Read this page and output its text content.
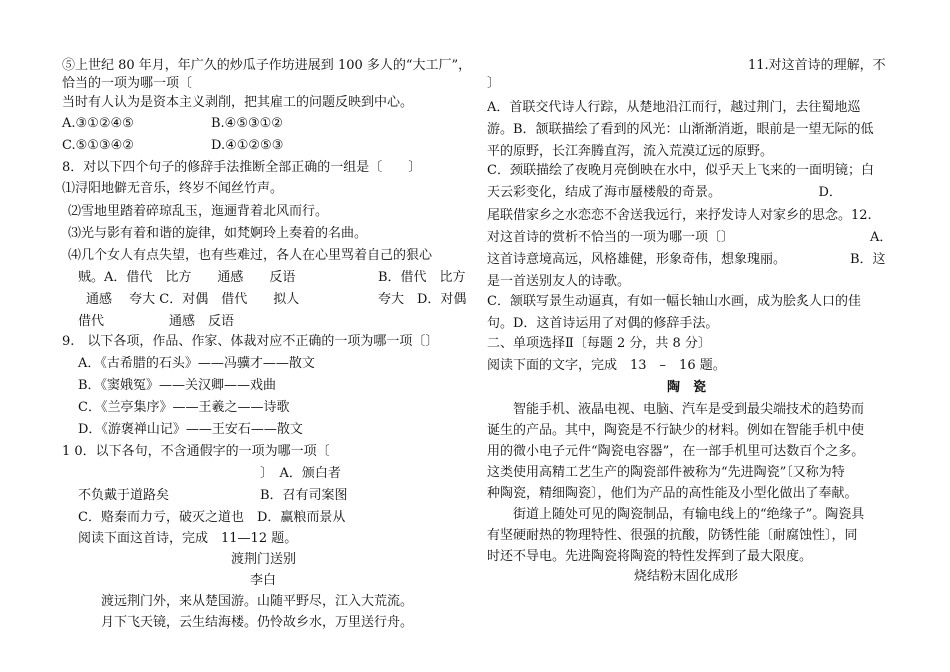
⑤上世纪 80 年月，年广久的炒瓜子作坊进展到 100 多人的“大工厂”，
恰当的一项为哪一项〔
当时有人认为是资本主义剥削，把其雇工的问题反映到中心。
A.③①②④⑤	B.④⑤③①②
C.⑤①③④②	D.④①②⑤③
8．对以下四个句子的修辞手法推断全部正确的一组是〔　　〕
⑴浔阳地僻无音乐，终岁不闻丝竹声。
⑵雪地里踏着碎琼乱玉，迤逦背着北风而行。
⑶光与影有着和谐的旋律，如梵婀玲上奏着的名曲。
⑷几个女人有点失望，也有些难过，各人在心里骂着自己的狠心
贼。A．借代　比方　　通感　　反语	B．借代　比方
通感　 夸大 C．对偶　借代　　拟人	夸大　D．对偶
借代　　　　　通感　反语
9.　以下各项，作品、作家、体裁对应不正确的一项为哪一项〔〕
A．《古希腊的石头》——冯骥才——散文
B．《窦娥冤》——关汉卿——戏曲
C．《兰亭集序》——王羲之——诗歌
D．《游褒禅山记》——王安石——散文
1 0．以下各句，不含通假字的一项为哪一项〔
〕　A．颁白者
不负戴于道路矣	B．召有司案图
C．赂秦而力亏，破灭之道也　D．赢粮而景从
阅读下面这首诗，完成　11—12 题。
渡荆门送别
李白
渡远荆门外，来从楚国游。山随平野尽，江入大荒流。
月下飞天镜，云生结海楼。仍怜故乡水，万里送行舟。
11.对这首诗的理解，不
〕
A．首联交代诗人行踪，从楚地沿江而行，越过荆门，去往蜀地巡
游。B．颔联描绘了看到的风光：山渐渐消逝，眼前是一望无际的低
平的原野，长江奔腾直泻，流入荒漠辽远的原野。
C．颈联描绘了夜晚月亮倒映在水中，似乎天上飞来的一面明镜；白
天云彩变化，结成了海市蜃楼般的奇景。　　　　　　　　D．
尾联借家乡之水恋恋不舍送我远行，来抒发诗人对家乡的思念。12.
对这首诗的赏析不恰当的一项为哪一项〔〕	A．
这首诗意境高远，风格雄健，形象奇伟，想象瑰丽。	B．这
是一首送别友人的诗歌。
C．颔联写景生动逼真，有如一幅长轴山水画，成为脍炙人口的佳
句。D．这首诗运用了对偶的修辞手法。
二、单项选择Ⅱ〔每题 2 分，共 8 分〕
阅读下面的文字，完成　13　–　16 题。
陶　瓷
智能手机、液晶电视、电脑、汽车是受到最尖端技术的趋势而
诞生的产品。其中，陶瓷是不行缺少的材料。例如在智能手机中使
用的微小电子元件“陶瓷电容器”，在一部手机里可达数百个之多。
这类使用高精工艺生产的陶瓷部件被称为“先进陶瓷”〔又称为特
种陶瓷，精细陶瓷〕，他们为产品的高性能及小型化做出了奉献。
街道上随处可见的陶瓷制品，有输电线上的“绝缘子”。陶瓷具
有坚硬耐热的物理特性、很强的抗酸，防锈性能〔耐腐蚀性〕，同
时还不导电。先进陶瓷将陶瓷的特性发挥到了最大限度。
烧结粉末固化成形
